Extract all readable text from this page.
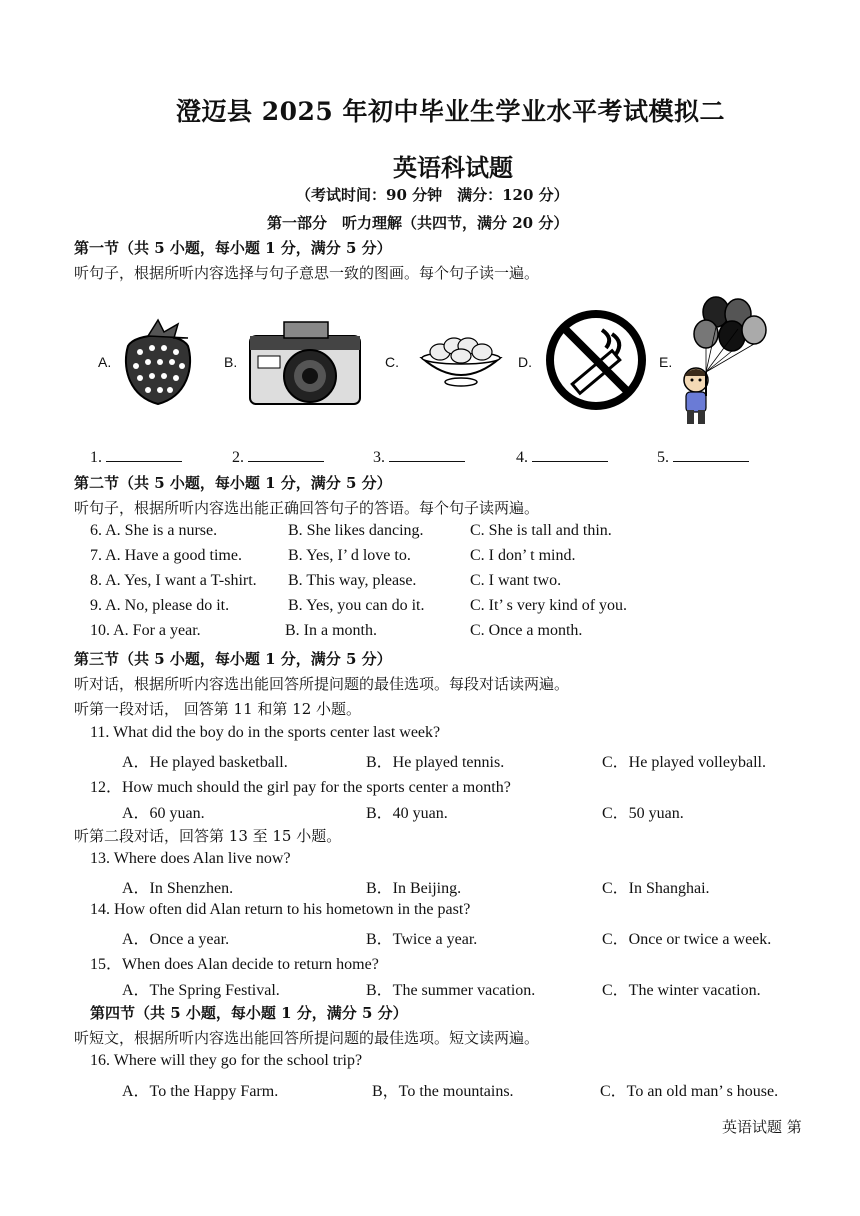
澄迈县 2025 年初中毕业生学业水平考试模拟二
英语科试题
（考试时间：90 分钟　满分：120 分）
第一部分　听力理解（共四节，满分 20 分）
第一节（共 5 小题，每小题 1 分，满分 5 分）
听句子，根据所听内容选择与句子意思一致的图画。每个句子读一遍。
A.	B.	C.	D.	E.
1.	2.	3.	4.	5.
第二节（共 5 小题，每小题 1 分，满分 5 分）
听句子，根据所听内容选出能正确回答句子的答语。每个句子读两遍。
6. A. She is a nurse.	B. She likes dancing.	C. She is tall and thin.
7. A. Have a good time.	B. Yes, I’ d love to.	C. I don’ t mind.
8. A. Yes, I want a T-shirt. B. This way, please.	C. I want two.
9. A. No, please do it.	B. Yes, you can do it.	C. It’ s very kind of you.
10. A. For a year.	B. In a month.	C. Once a month.
第三节（共 5 小题，每小题 1 分，满分 5 分）
听对话，根据所听内容选出能回答所提问题的最佳选项。每段对话读两遍。
听第一段对话， 回答第 11 和第 12 小题。
11. What did the boy do in the sports center last week?
A．He played basketball.	B．He played tennis.	C．He played volleyball.
12．How much should the girl pay for the sports center a month?
A．60 yuan.	B．40 yuan.	C．50 yuan.
听第二段对话，回答第 13 至 15 小题。
13. Where does Alan live now?
A．In Shenzhen.	B．In Beijing.	C．In Shanghai.
14. How often did Alan return to his hometown in the past?
A．Once a year.	B．Twice a year.	C．Once or twice a week.
15．When does Alan decide to return home?
A．The Spring Festival.	B．The summer vacation.	C．The winter vacation.
第四节（共 5 小题，每小题 1 分，满分 5 分）
听短文，根据所听内容选出能回答所提问题的最佳选项。短文读两遍。
16. Where will they go for the school trip?
A．To the Happy Farm.	B，To the mountains.	C．To an old man’ s house.
英语试题 第
